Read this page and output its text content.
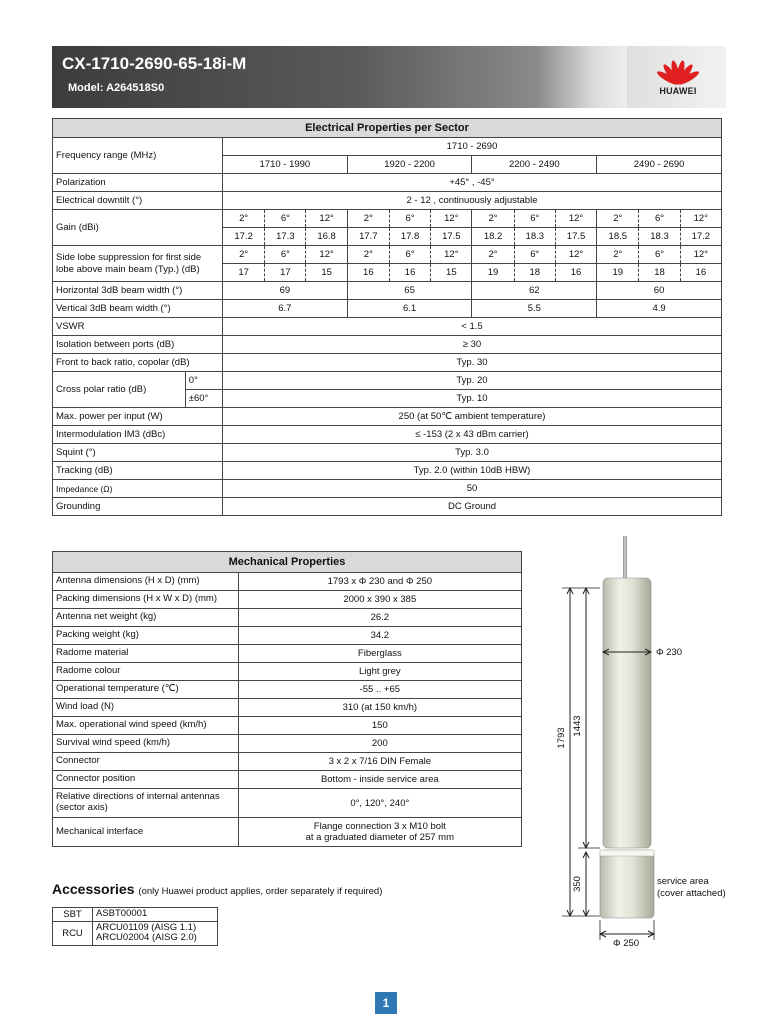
CX-1710-2690-65-18i-M
Model: A264518S0	HUAWEI
Electrical Properties per Sector													
Frequency range (MHz)		1710 - 2690											
		1710 - 1990			1920 - 2200			2200 - 2490			2490 - 2690		
Polarization		+45° , -45°											
Electrical downtilt (°)		2 - 12 , continuously adjustable											
Gain (dBi)		2°	6°	12°	2°	6°	12°	2°	6°	12°	2°	6°	12°
		17.2	17.3	16.8	17.7	17.8	17.5	18.2	18.3	17.5	18.5	18.3	17.2
Side lobe suppression for first side
lobe above main beam (Typ.) (dB)		2°	6°	12°	2°	6°	12°	2°	6°	12°	2°	6°	12°
		17	17	15	16	16	15	19	18	16	19	18	16
Horizontal 3dB beam width (°)		69			65			62			60		
Vertical 3dB beam width (°)		6.7			6.1			5.5			4.9		
VSWR		< 1.5											
Isolation between ports (dB)		≥ 30											
Front to back ratio, copolar (dB)		Typ. 30											
Cross polar ratio (dB)	0°	Typ. 20											
	±60°	Typ. 10											
Max. power per input (W)		250 (at 50℃ ambient temperature)											
Intermodulation IM3 (dBc)		≤ -153 (2 x 43 dBm carrier)											
Squint (°)		Typ. 3.0											
Tracking (dB)		Typ. 2.0 (within 10dB HBW)											
Impedance (Ω)		50											
Grounding		DC Ground											
Mechanical Properties	
Antenna dimensions (H x D) (mm)	1793 x Φ 230 and Φ 250
Packing dimensions (H x W x D) (mm)	2000 x 390 x 385
Antenna net weight (kg)	26.2
Packing weight (kg)	34.2
Radome material	Fiberglass
Radome colour	Light grey
Operational temperature (℃)	-55 .. +65
Wind load (N)	310 (at 150 km/h)
Max. operational wind speed (km/h)	150
Survival wind speed (km/h)	200
Connector	3 x 2 x 7/16 DIN Female
Connector position	Bottom - inside service area
Relative directions of internal antennas
(sector axis)	0°, 120°, 240°
Mechanical interface	Flange connection 3 x M10 bolt
at a graduated diameter of 257 mm
Accessories (only Huawei product applies, order separately if required)
SBT	ASBT00001
RCU	ARCU01109 (AISG 1.1)
ARCU02004 (AISG 2.0)
1793
1443
350
Φ 230
Φ 250
service area
(cover attached)
1
